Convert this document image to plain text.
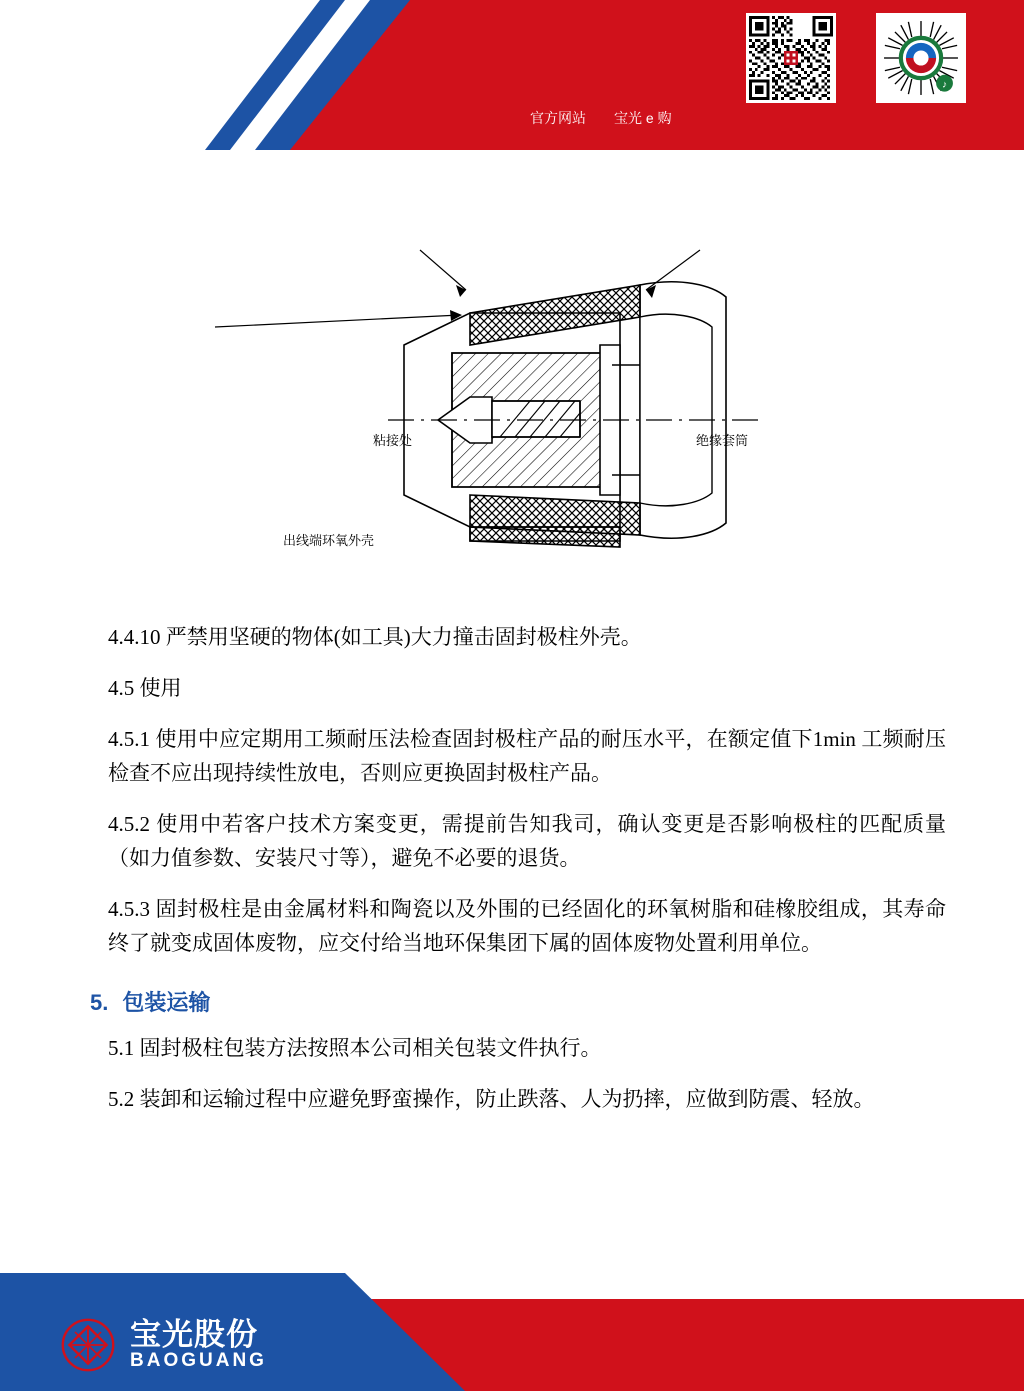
♪
官方网站 宝光 e 购
粘接处	绝缘套筒
出线端环氧外壳

4.4.10 严禁用坚硬的物体(如工具)大力撞击固封极柱外壳。

4.5 使用

4.5.1 使用中应定期用工频耐压法检查固封极柱产品的耐压水平，在额定值下1min 工频耐压检查不应出现持续性放电，否则应更换固封极柱产品。

4.5.2 使用中若客户技术方案变更，需提前告知我司，确认变更是否影响极柱的匹配质量（如力值参数、安装尺寸等），避免不必要的退货。

4.5.3 固封极柱是由金属材料和陶瓷以及外围的已经固化的环氧树脂和硅橡胶组成，其寿命终了就变成固体废物，应交付给当地环保集团下属的固体废物处置利用单位。

5. 包装运输

5.1 固封极柱包装方法按照本公司相关包装文件执行。

5.2 装卸和运输过程中应避免野蛮操作，防止跌落、人为扔摔，应做到防震、轻放。

宝光股份
BAOGUANG
